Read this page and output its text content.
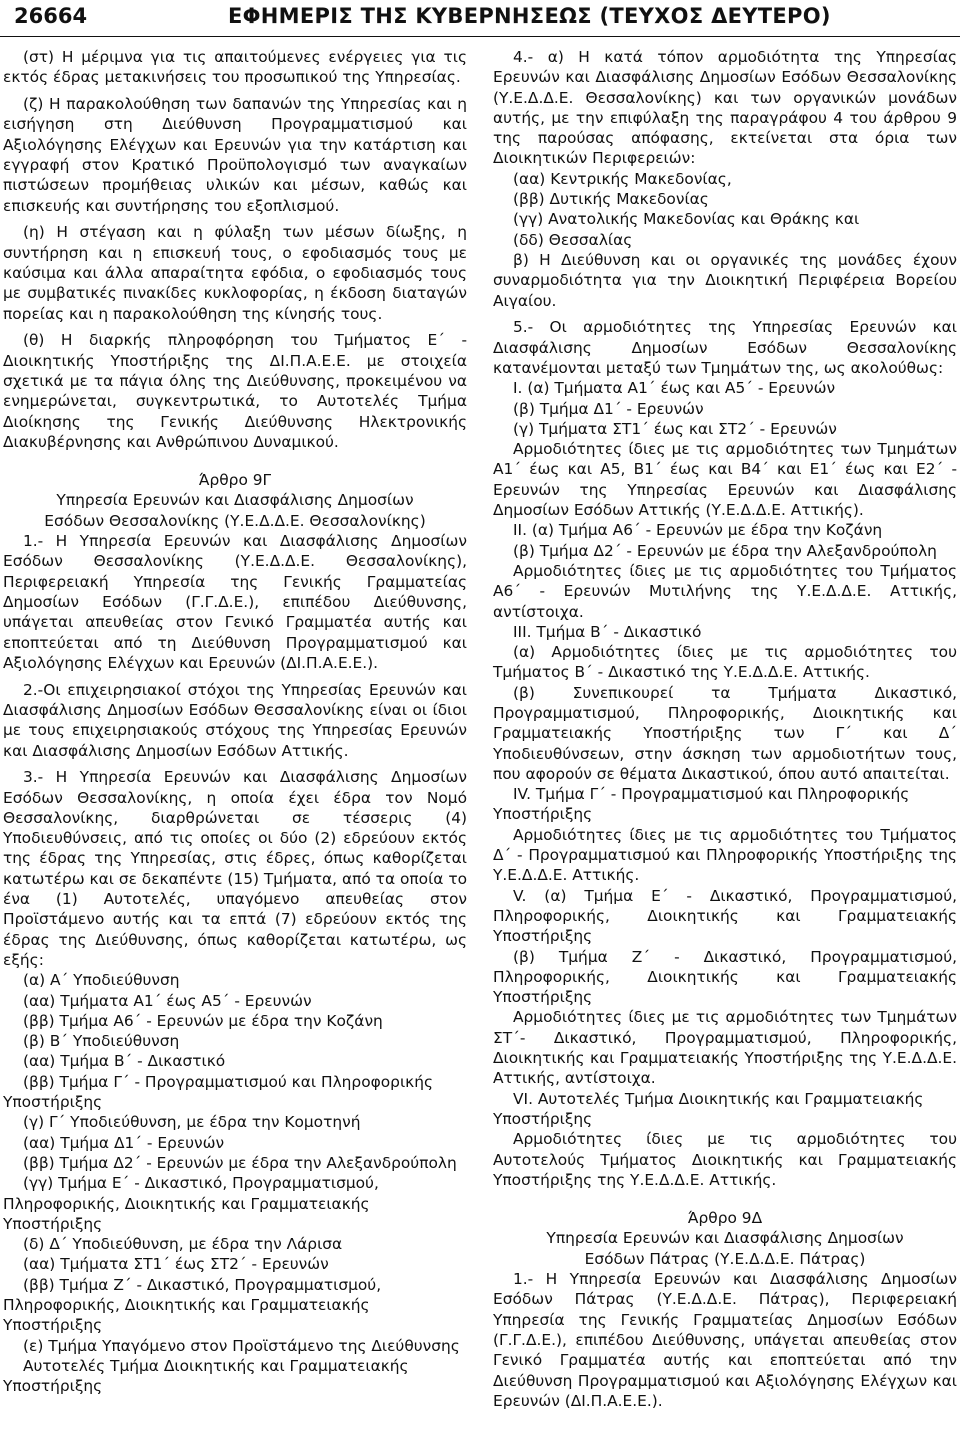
26664	ΕΦΗΜΕΡΙΣ ΤΗΣ ΚΥΒΕΡΝΗΣΕΩΣ (ΤΕΥΧΟΣ ΔΕΥΤΕΡΟ)

(στ) Η μέριμνα για τις απαιτούμενες ενέργειες για τις εκτός έδρας μετακινήσεις του προσωπικού της Υπηρεσίας.

(ζ) Η παρακολούθηση των δαπανών της Υπηρεσίας και η εισήγηση στη Διεύθυνση Προγραμματισμού και Αξιολόγησης Ελέγχων και Ερευνών για την κατάρτιση και εγγραφή στον Κρατικό Προϋπολογισμό των αναγκαίων πιστώσεων προμήθειας υλικών και μέσων, καθώς και επισκευής και συντήρησης του εξοπλισμού.

(η) Η στέγαση και η φύλαξη των μέσων δίωξης, η συντήρηση και η επισκευή τους, ο εφοδιασμός τους με καύσιμα και άλλα απαραίτητα εφόδια, ο εφοδιασμός τους με συμβατικές πινακίδες κυκλοφορίας, η έκδοση διαταγών πορείας και η παρακολούθηση της κίνησής τους.

(θ) Η διαρκής πληροφόρηση του Τμήματος Ε΄ - Διοικητικής Υποστήριξης της ΔΙ.Π.Α.Ε.Ε. με στοιχεία σχετικά με τα πάγια όλης της Διεύθυνσης, προκειμένου να ενημερώνεται, συγκεντρωτικά, το Αυτοτελές Τμήμα Διοίκησης της Γενικής Διεύθυνσης Ηλεκτρονικής Διακυβέρνησης και Ανθρώπινου Δυναμικού.

Άρθρο 9Γ

Υπηρεσία Ερευνών και Διασφάλισης Δημοσίων

Εσόδων Θεσσαλονίκης (Υ.Ε.Δ.Δ.Ε. Θεσσαλονίκης)

1.- Η Υπηρεσία Ερευνών και Διασφάλισης Δημοσίων Εσόδων Θεσσαλονίκης (Υ.Ε.Δ.Δ.Ε. Θεσσαλονίκης), Περιφερειακή Υπηρεσία της Γενικής Γραμματείας Δημοσίων Εσόδων (Γ.Γ.Δ.Ε.), επιπέδου Διεύθυνσης, υπάγεται απευθείας στον Γενικό Γραμματέα αυτής και εποπτεύεται από τη Διεύθυνση Προγραμματισμού και Αξιολόγησης Ελέγχων και Ερευνών (ΔΙ.Π.Α.Ε.Ε.).

2.-Οι επιχειρησιακοί στόχοι της Υπηρεσίας Ερευνών και Διασφάλισης Δημοσίων Εσόδων Θεσσαλονίκης είναι οι ίδιοι με τους επιχειρησιακούς στόχους της Υπηρεσίας Ερευνών και Διασφάλισης Δημοσίων Εσόδων Αττικής.

3.- Η Υπηρεσία Ερευνών και Διασφάλισης Δημοσίων Εσόδων Θεσσαλονίκης, η οποία έχει έδρα τον Νομό Θεσσαλονίκης, διαρθρώνεται σε τέσσερις (4) Υποδιευθύνσεις, από τις οποίες οι δύο (2) εδρεύουν εκτός της έδρας της Υπηρεσίας, στις έδρες, όπως καθορίζεται κατωτέρω και σε δεκαπέντε (15) Τμήματα, από τα οποία το ένα (1) Αυτοτελές, υπαγόμενο απευθείας στον Προϊστάμενο αυτής και τα επτά (7) εδρεύουν εκτός της έδρας της Διεύθυνσης, όπως καθορίζεται κατωτέρω, ως εξής:

(α) Α΄ Υποδιεύθυνση

(αα) Τμήματα Α1΄ έως Α5΄ - Ερευνών

(ββ) Τμήμα Α6΄ - Ερευνών με έδρα την Κοζάνη

(β) Β΄ Υποδιεύθυνση

(αα) Τμήμα Β΄ - Δικαστικό

(ββ) Τμήμα Γ΄ - Προγραμματισμού και Πληροφορικής Υποστήριξης

(γ) Γ΄ Υποδιεύθυνση, με έδρα την Κομοτηνή

(αα) Τμήμα Δ1΄ - Ερευνών

(ββ) Τμήμα Δ2΄ - Ερευνών με έδρα την Αλεξανδρούπολη

(γγ) Τμήμα Ε΄ - Δικαστικό, Προγραμματισμού, Πληροφορικής, Διοικητικής και Γραμματειακής Υποστήριξης

(δ) Δ΄ Υποδιεύθυνση, με έδρα την Λάρισα

(αα) Τμήματα ΣΤ1΄ έως ΣΤ2΄ - Ερευνών

(ββ) Τμήμα Ζ΄ - Δικαστικό, Προγραμματισμού, Πληροφορικής, Διοικητικής και Γραμματειακής Υποστήριξης

(ε) Τμήμα Υπαγόμενο στον Προϊστάμενο της Διεύθυνσης

Αυτοτελές Τμήμα Διοικητικής και Γραμματειακής Υποστήριξης

4.- α) Η κατά τόπον αρμοδιότητα της Υπηρεσίας Ερευνών και Διασφάλισης Δημοσίων Εσόδων Θεσσαλονίκης (Υ.Ε.Δ.Δ.Ε. Θεσσαλονίκης) και των οργανικών μονάδων αυτής, με την επιφύλαξη της παραγράφου 4 του άρθρου 9 της παρούσας απόφασης, εκτείνεται στα όρια των Διοικητικών Περιφερειών:

(αα) Κεντρικής Μακεδονίας,

(ββ) Δυτικής Μακεδονίας

(γγ) Ανατολικής Μακεδονίας και Θράκης και

(δδ) Θεσσαλίας

β) Η Διεύθυνση και οι οργανικές της μονάδες έχουν συναρμοδιότητα για την Διοικητική Περιφέρεια Βορείου Αιγαίου.

5.- Οι αρμοδιότητες της Υπηρεσίας Ερευνών και Διασφάλισης Δημοσίων Εσόδων Θεσσαλονίκης κατανέμονται μεταξύ των Τμημάτων της, ως ακολούθως:

Ι. (α) Τμήματα Α1΄ έως και Α5΄ - Ερευνών

(β) Τμήμα Δ1΄ - Ερευνών

(γ) Τμήματα ΣΤ1΄ έως και ΣΤ2΄ - Ερευνών

Αρμοδιότητες ίδιες με τις αρμοδιότητες των Τμημάτων Α1΄ έως και Α5, Β1΄ έως και Β4΄ και Ε1΄ έως και Ε2΄ - Ερευνών της Υπηρεσίας Ερευνών και Διασφάλισης Δημοσίων Εσόδων Αττικής (Υ.Ε.Δ.Δ.Ε. Αττικής).

ΙΙ. (α) Τμήμα Α6΄ - Ερευνών με έδρα την Κοζάνη

(β) Τμήμα Δ2΄ - Ερευνών με έδρα την Αλεξανδρούπολη

Αρμοδιότητες ίδιες με τις αρμοδιότητες του Τμήματος Α6΄ - Ερευνών Μυτιλήνης της Υ.Ε.Δ.Δ.Ε. Αττικής, αντίστοιχα.

ΙΙΙ. Τμήμα Β΄ - Δικαστικό

(α) Αρμοδιότητες ίδιες με τις αρμοδιότητες του Τμήματος Β΄ - Δικαστικό της Υ.Ε.Δ.Δ.Ε. Αττικής.

(β) Συνεπικουρεί τα Τμήματα Δικαστικό, Προγραμματισμού, Πληροφορικής, Διοικητικής και Γραμματειακής Υποστήριξης των Γ΄ και Δ΄ Υποδιευθύνσεων, στην άσκηση των αρμοδιοτήτων τους, που αφορούν σε θέματα Δικαστικού, όπου αυτό απαιτείται.

ΙV. Τμήμα Γ΄ - Προγραμματισμού και Πληροφορικής Υποστήριξης

Αρμοδιότητες ίδιες με τις αρμοδιότητες του Τμήματος Δ΄ - Προγραμματισμού και Πληροφορικής Υποστήριξης της Υ.Ε.Δ.Δ.Ε. Αττικής.

V. (α) Τμήμα Ε΄ - Δικαστικό, Προγραμματισμού, Πληροφορικής, Διοικητικής και Γραμματειακής Υποστήριξης

(β) Τμήμα Ζ΄ - Δικαστικό, Προγραμματισμού, Πληροφορικής, Διοικητικής και Γραμματειακής Υποστήριξης

Αρμοδιότητες ίδιες με τις αρμοδιότητες των Τμημάτων ΣΤ΄- Δικαστικό, Προγραμματισμού, Πληροφορικής, Διοικητικής και Γραμματειακής Υποστήριξης της Υ.Ε.Δ.Δ.Ε. Αττικής, αντίστοιχα.

VI. Αυτοτελές Τμήμα Διοικητικής και Γραμματειακής Υποστήριξης

Αρμοδιότητες ίδιες με τις αρμοδιότητες του Αυτοτελούς Τμήματος Διοικητικής και Γραμματειακής Υποστήριξης της Υ.Ε.Δ.Δ.Ε. Αττικής.

Άρθρο 9Δ

Υπηρεσία Ερευνών και Διασφάλισης Δημοσίων

Εσόδων Πάτρας (Υ.Ε.Δ.Δ.Ε. Πάτρας)

1.- Η Υπηρεσία Ερευνών και Διασφάλισης Δημοσίων Εσόδων Πάτρας (Υ.Ε.Δ.Δ.Ε. Πάτρας), Περιφερειακή Υπηρεσία της Γενικής Γραμματείας Δημοσίων Εσόδων (Γ.Γ.Δ.Ε.), επιπέδου Διεύθυνσης, υπάγεται απευθείας στον Γενικό Γραμματέα αυτής και εποπτεύεται από την Διεύθυνση Προγραμματισμού και Αξιολόγησης Ελέγχων και Ερευνών (ΔΙ.Π.Α.Ε.Ε.).
